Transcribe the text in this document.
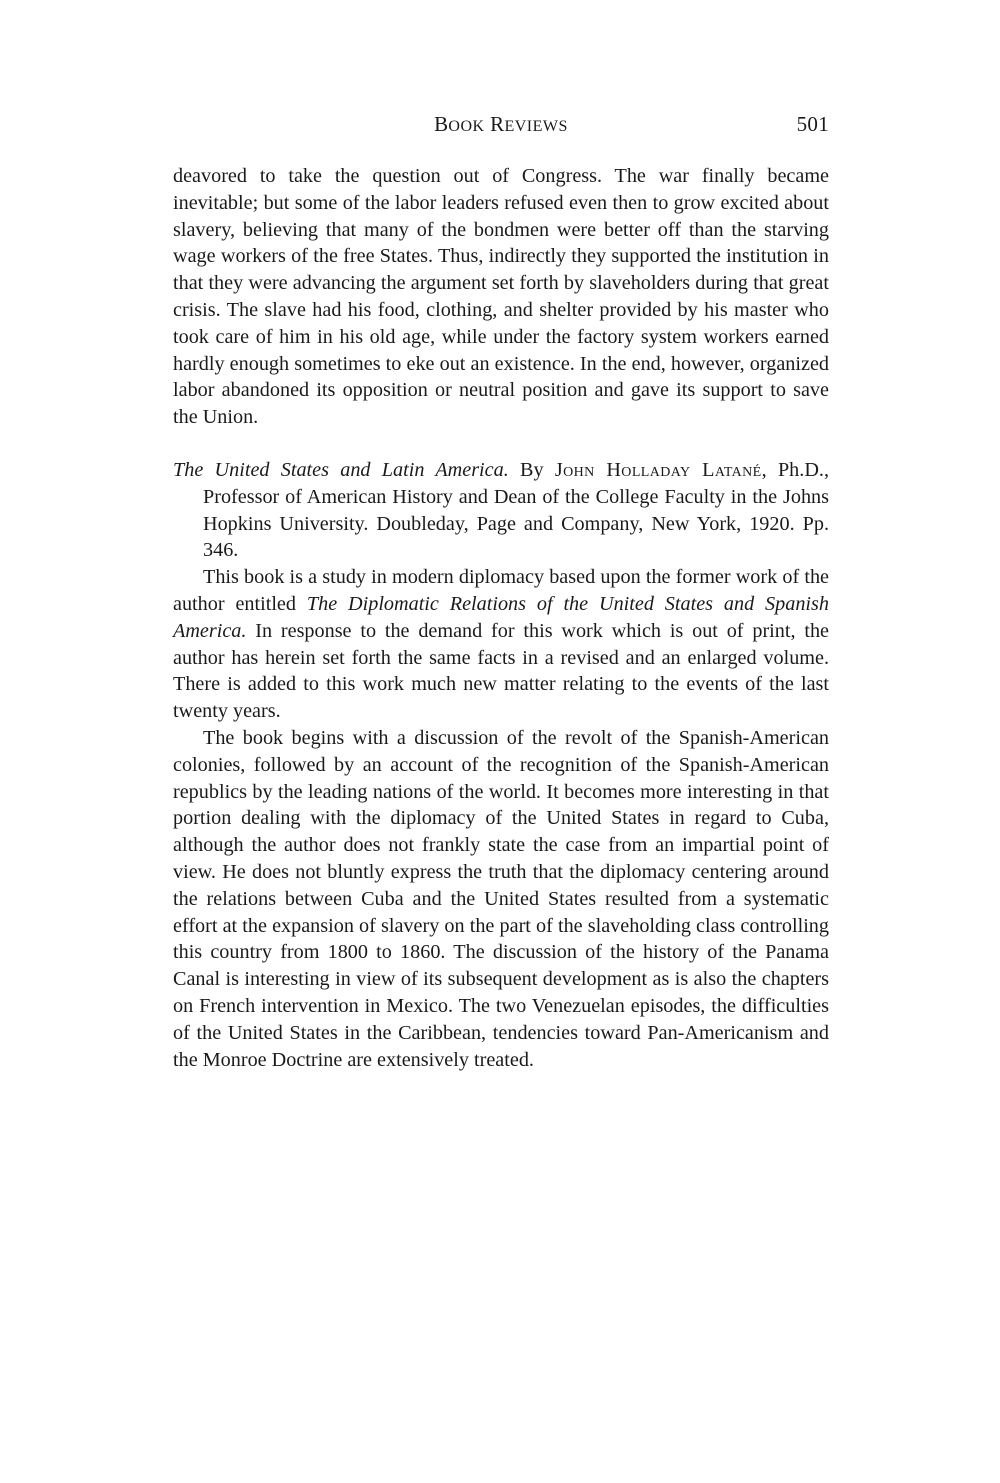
BOOK REVIEWS	501

deavored to take the question out of Congress. The war finally became inevitable; but some of the labor leaders refused even then to grow excited about slavery, believing that many of the bondmen were better off than the starving wage workers of the free States. Thus, indirectly they supported the institution in that they were advancing the argument set forth by slaveholders during that great crisis. The slave had his food, clothing, and shelter provided by his master who took care of him in his old age, while under the factory system workers earned hardly enough sometimes to eke out an existence. In the end, however, organized labor abandoned its opposition or neutral position and gave its support to save the Union.

The United States and Latin America. By John Holladay Latané, Ph.D., Professor of American History and Dean of the College Faculty in the Johns Hopkins University. Doubleday, Page and Company, New York, 1920. Pp. 346.

This book is a study in modern diplomacy based upon the former work of the author entitled The Diplomatic Relations of the United States and Spanish America. In response to the demand for this work which is out of print, the author has herein set forth the same facts in a revised and an enlarged volume. There is added to this work much new matter relating to the events of the last twenty years.

The book begins with a discussion of the revolt of the Spanish-American colonies, followed by an account of the recognition of the Spanish-American republics by the leading nations of the world. It becomes more interesting in that portion dealing with the diplomacy of the United States in regard to Cuba, although the author does not frankly state the case from an impartial point of view. He does not bluntly express the truth that the diplomacy centering around the relations between Cuba and the United States resulted from a systematic effort at the expansion of slavery on the part of the slaveholding class controlling this country from 1800 to 1860. The discussion of the history of the Panama Canal is interesting in view of its subsequent development as is also the chapters on French intervention in Mexico. The two Venezuelan episodes, the difficulties of the United States in the Caribbean, tendencies toward Pan-Americanism and the Monroe Doctrine are extensively treated.
